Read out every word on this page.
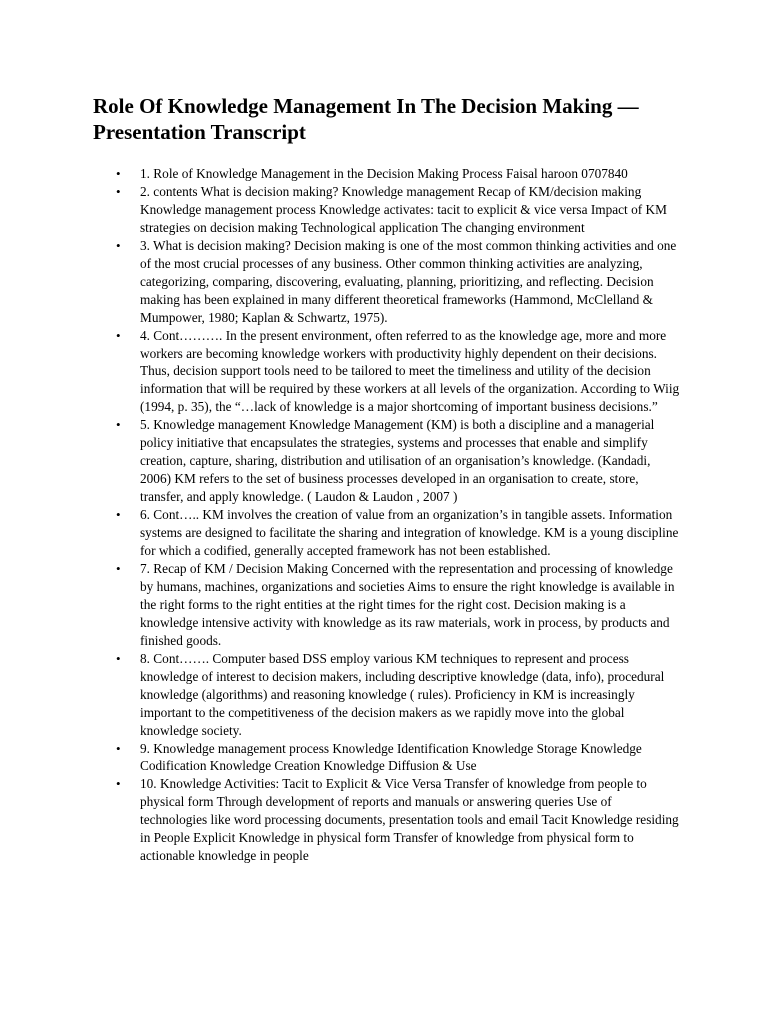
Role Of Knowledge Management In The Decision Making — Presentation Transcript
• 1. Role of Knowledge Management in the Decision Making Process Faisal haroon 0707840
• 2. contents What is decision making? Knowledge management Recap of KM/decision making Knowledge management process Knowledge activates: tacit to explicit & vice versa Impact of KM strategies on decision making Technological application The changing environment
• 3. What is decision making? Decision making is one of the most common thinking activities and one of the most crucial processes of any business. Other common thinking activities are analyzing, categorizing, comparing, discovering, evaluating, planning, prioritizing, and reflecting. Decision making has been explained in many different theoretical frameworks (Hammond, McClelland & Mumpower, 1980; Kaplan & Schwartz, 1975).
• 4. Cont………. In the present environment, often referred to as the knowledge age, more and more workers are becoming knowledge workers with productivity highly dependent on their decisions. Thus, decision support tools need to be tailored to meet the timeliness and utility of the decision information that will be required by these workers at all levels of the organization. According to Wiig (1994, p. 35), the “…lack of knowledge is a major shortcoming of important business decisions.”
• 5. Knowledge management Knowledge Management (KM) is both a discipline and a managerial policy initiative that encapsulates the strategies, systems and processes that enable and simplify creation, capture, sharing, distribution and utilisation of an organisation’s knowledge. (Kandadi, 2006) KM refers to the set of business processes developed in an organisation to create, store, transfer, and apply knowledge. ( Laudon & Laudon , 2007 )
• 6. Cont….. KM involves the creation of value from an organization’s in tangible assets. Information systems are designed to facilitate the sharing and integration of knowledge. KM is a young discipline for which a codified, generally accepted framework has not been established.
• 7. Recap of KM / Decision Making Concerned with the representation and processing of knowledge by humans, machines, organizations and societies Aims to ensure the right knowledge is available in the right forms to the right entities at the right times for the right cost. Decision making is a knowledge intensive activity with knowledge as its raw materials, work in process, by products and finished goods.
• 8. Cont……. Computer based DSS employ various KM techniques to represent and process knowledge of interest to decision makers, including descriptive knowledge (data, info), procedural knowledge (algorithms) and reasoning knowledge ( rules). Proficiency in KM is increasingly important to the competitiveness of the decision makers as we rapidly move into the global knowledge society.
• 9. Knowledge management process Knowledge Identification Knowledge Storage Knowledge Codification Knowledge Creation Knowledge Diffusion & Use
• 10. Knowledge Activities: Tacit to Explicit & Vice Versa Transfer of knowledge from people to physical form Through development of reports and manuals or answering queries Use of technologies like word processing documents, presentation tools and email Tacit Knowledge residing in People Explicit Knowledge in physical form Transfer of knowledge from physical form to actionable knowledge in people
